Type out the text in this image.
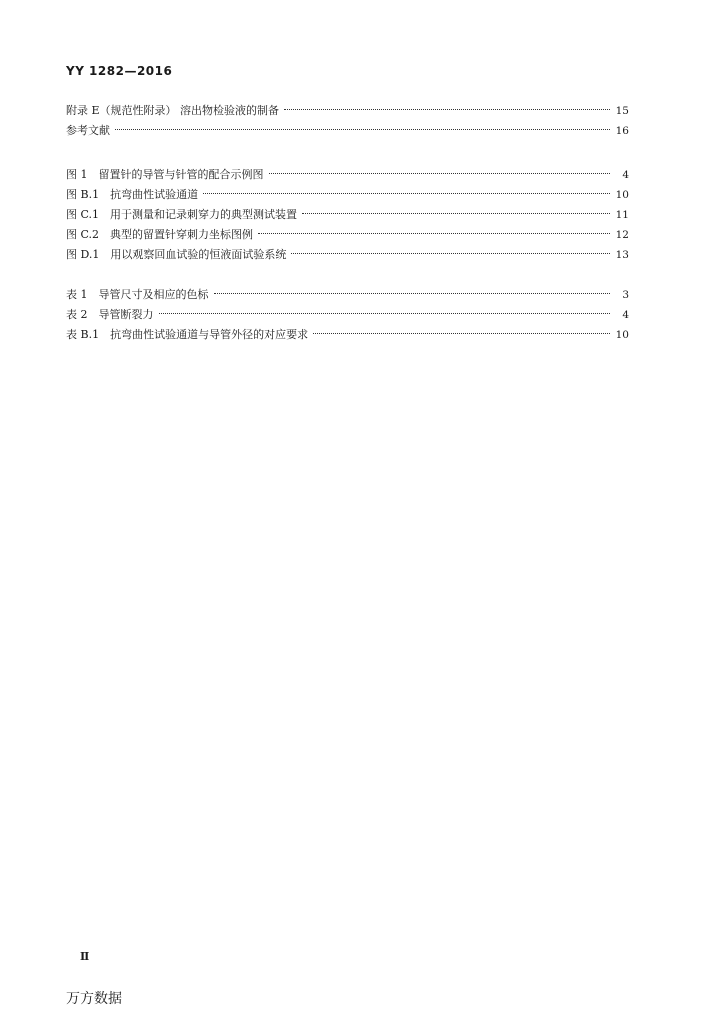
YY 1282—2016
附录 E（规范性附录） 溶出物检验液的制备	15
参考文献	16
图 1　留置针的导管与针管的配合示例图	4
图 B.1　抗弯曲性试验通道	10
图 C.1　用于测量和记录刺穿力的典型测试装置	11
图 C.2　典型的留置针穿刺力坐标图例	12
图 D.1　用以观察回血试验的恒液面试验系统	13
表 1　导管尺寸及相应的色标	3
表 2　导管断裂力	4
表 B.1　抗弯曲性试验通道与导管外径的对应要求	10
Ⅱ
万方数据
